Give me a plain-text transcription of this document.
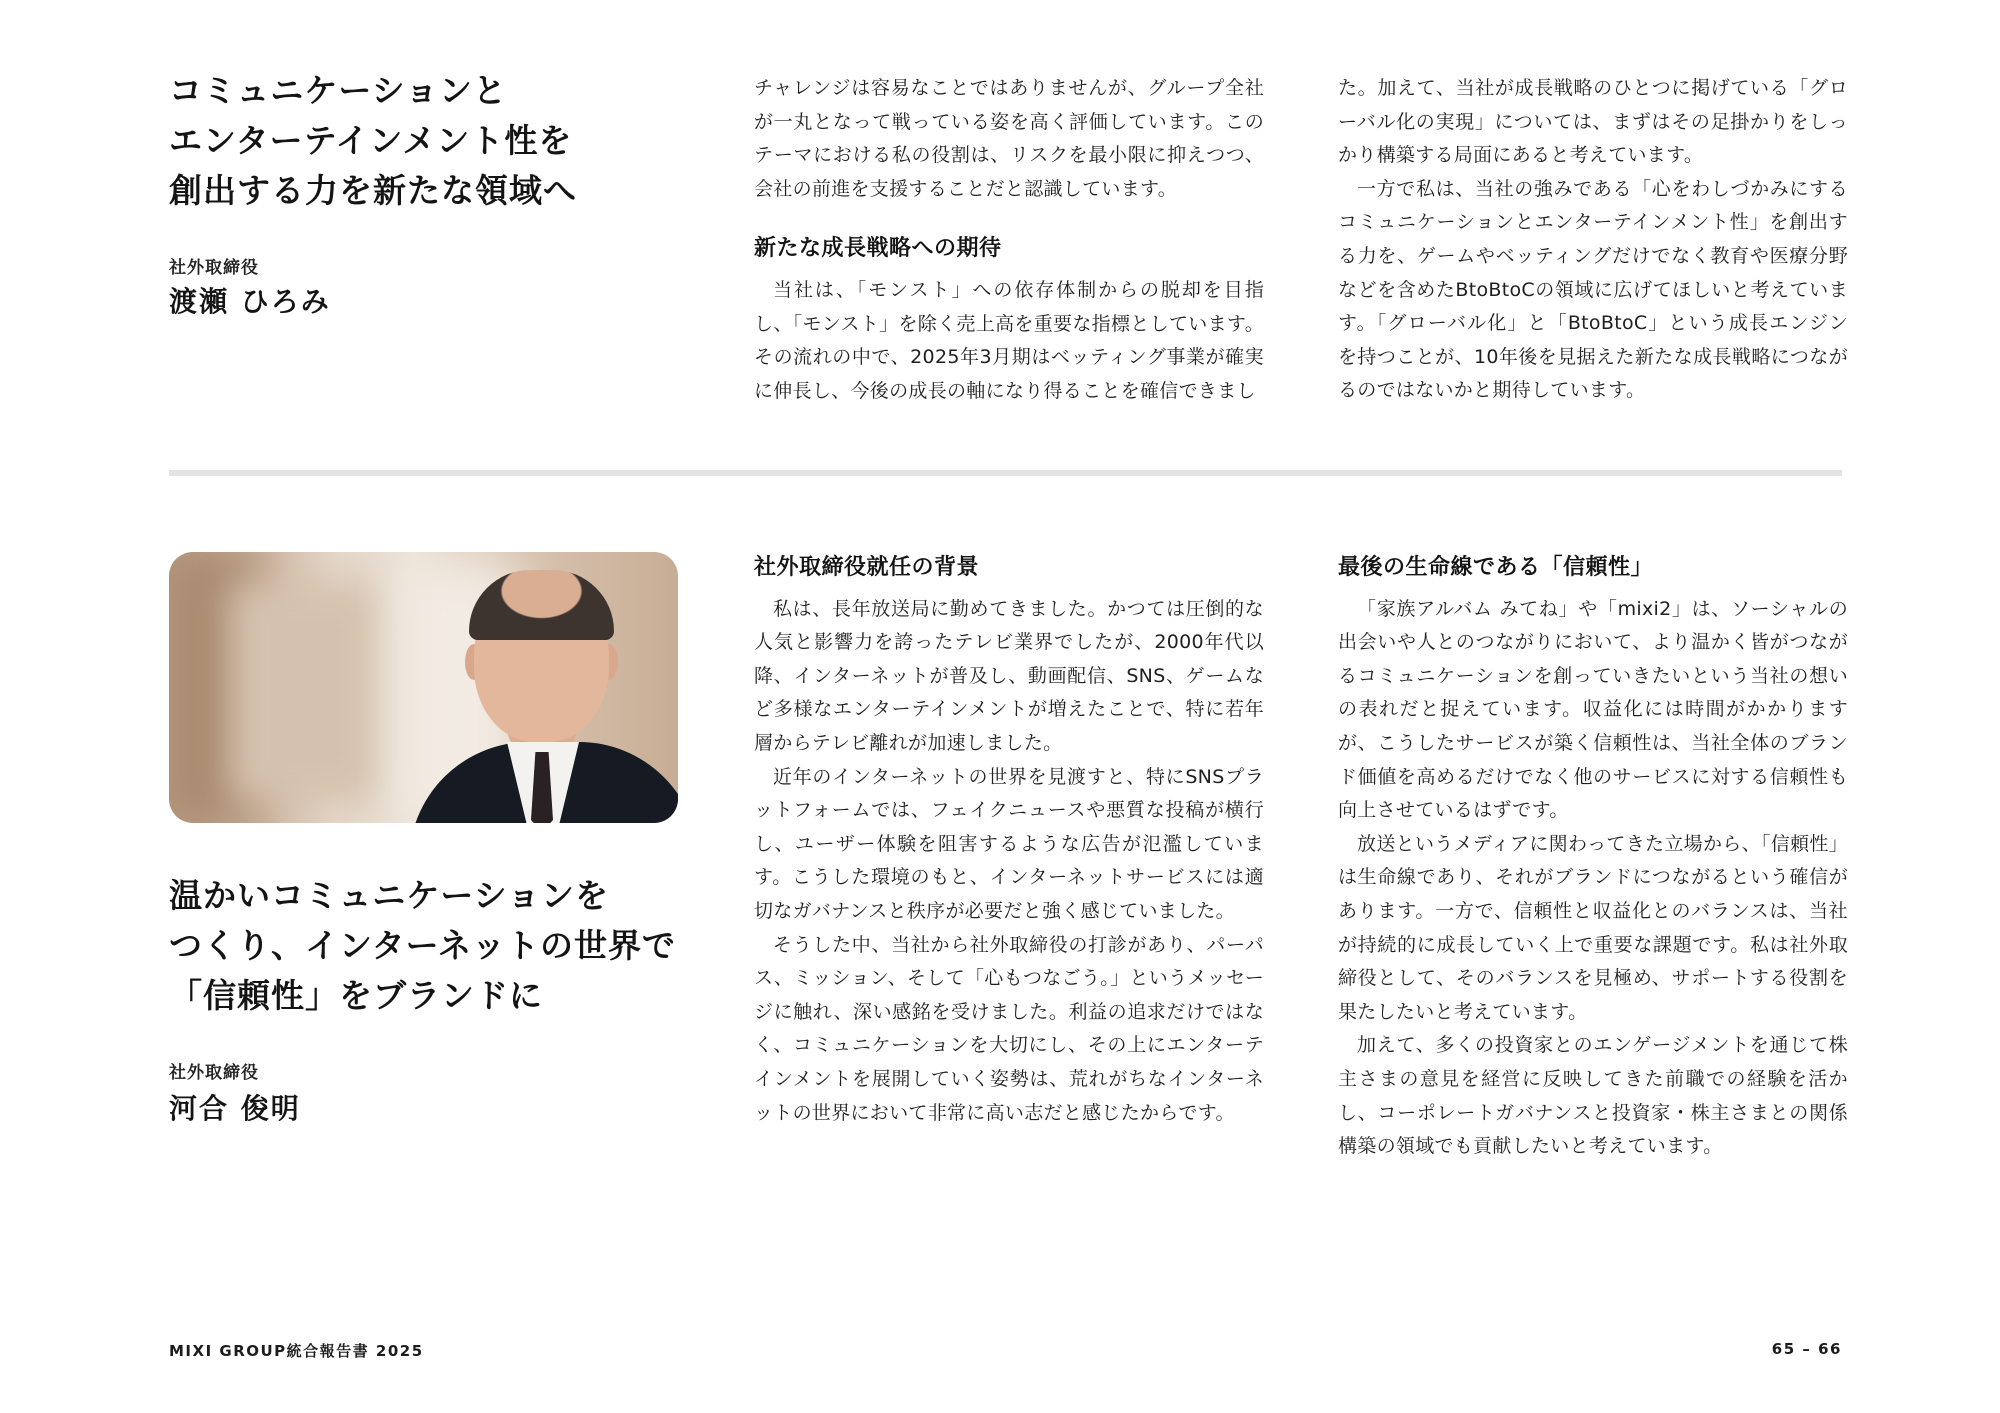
コミュニケーションと
エンターテインメント性を
創出する力を新たな領域へ
社外取締役
渡瀬 ひろみ

チャレンジは容易なことではありませんが、グループ全社が一丸となって戦っている姿を高く評価しています。このテーマにおける私の役割は、リスクを最小限に抑えつつ、会社の前進を支援することだと認識しています。

新たな成長戦略への期待

当社は、「モンスト」への依存体制からの脱却を目指し、「モンスト」を除く売上高を重要な指標としています。その流れの中で、2025年3月期はベッティング事業が確実に伸長し、今後の成長の軸になり得ることを確信できまし

た。加えて、当社が成長戦略のひとつに掲げている「グローバル化の実現」については、まずはその足掛かりをしっかり構築する局面にあると考えています。

一方で私は、当社の強みである「心をわしづかみにするコミュニケーションとエンターテインメント性」を創出する力を、ゲームやベッティングだけでなく教育や医療分野などを含めたBtoBtoCの領域に広げてほしいと考えています。「グローバル化」と「BtoBtoC」という成長エンジンを持つことが、10年後を見据えた新たな成長戦略につながるのではないかと期待しています。

温かいコミュニケーションを
つくり、インターネットの世界で
「信頼性」をブランドに
社外取締役
河合 俊明
社外取締役就任の背景

私は、長年放送局に勤めてきました。かつては圧倒的な人気と影響力を誇ったテレビ業界でしたが、2000年代以降、インターネットが普及し、動画配信、SNS、ゲームなど多様なエンターテインメントが増えたことで、特に若年層からテレビ離れが加速しました。

近年のインターネットの世界を見渡すと、特にSNSプラットフォームでは、フェイクニュースや悪質な投稿が横行し、ユーザー体験を阻害するような広告が氾濫しています。こうした環境のもと、インターネットサービスには適切なガバナンスと秩序が必要だと強く感じていました。

そうした中、当社から社外取締役の打診があり、パーパス、ミッション、そして「心もつなごう。」というメッセージに触れ、深い感銘を受けました。利益の追求だけではなく、コミュニケーションを大切にし、その上にエンターテインメントを展開していく姿勢は、荒れがちなインターネットの世界において非常に高い志だと感じたからです。

最後の生命線である「信頼性」

「家族アルバム みてね」や「mixi2」は、ソーシャルの出会いや人とのつながりにおいて、より温かく皆がつながるコミュニケーションを創っていきたいという当社の想いの表れだと捉えています。収益化には時間がかかりますが、こうしたサービスが築く信頼性は、当社全体のブランド価値を高めるだけでなく他のサービスに対する信頼性も向上させているはずです。

放送というメディアに関わってきた立場から、「信頼性」は生命線であり、それがブランドにつながるという確信があります。一方で、信頼性と収益化とのバランスは、当社が持続的に成長していく上で重要な課題です。私は社外取締役として、そのバランスを見極め、サポートする役割を果たしたいと考えています。

加えて、多くの投資家とのエンゲージメントを通じて株主さまの意見を経営に反映してきた前職での経験を活かし、コーポレートガバナンスと投資家・株主さまとの関係構築の領域でも貢献したいと考えています。

MIXI GROUP統合報告書 2025	65 – 66
